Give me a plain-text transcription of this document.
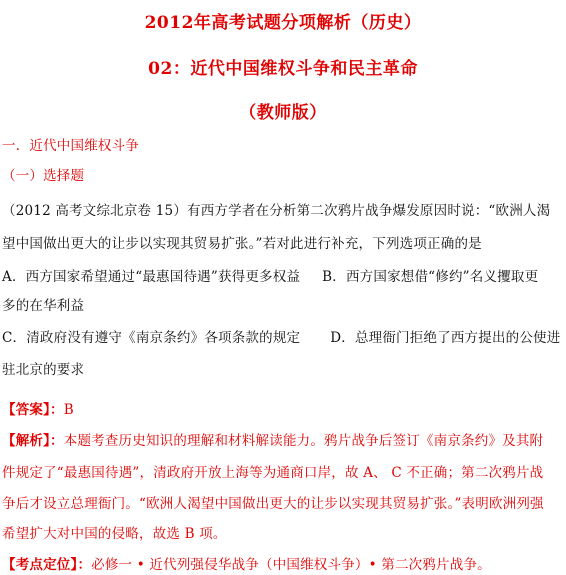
2012年高考试题分项解析（历史）
02：近代中国维权斗争和民主革命
（教师版）
一．近代中国维权斗争
（一）选择题
（2012 高考文综北京卷 15）有西方学者在分析第二次鸦片战争爆发原因时说：“欧洲人渴
望中国做出更大的让步以实现其贸易扩张。”若对此进行补充，下列选项正确的是
A．西方国家希望通过“最惠国待遇”获得更多权益 B．西方国家想借“修约”名义攫取更
多的在华利益
C．清政府没有遵守《南京条约》各项条款的规定 D．总理衙门拒绝了西方提出的公使进
驻北京的要求
【答案】：B
【解析】：本题考查历史知识的理解和材料解读能力。鸦片战争后签订《南京条约》及其附
件规定了“最惠国待遇”，清政府开放上海等为通商口岸，故 A、 C 不正确；第二次鸦片战
争后才设立总理衙门。“欧洲人渴望中国做出更大的让步以实现其贸易扩张。”表明欧洲列强
希望扩大对中国的侵略，故选 B 项。
【考点定位】：必修一 • 近代列强侵华战争（中国维权斗争）• 第二次鸦片战争。
